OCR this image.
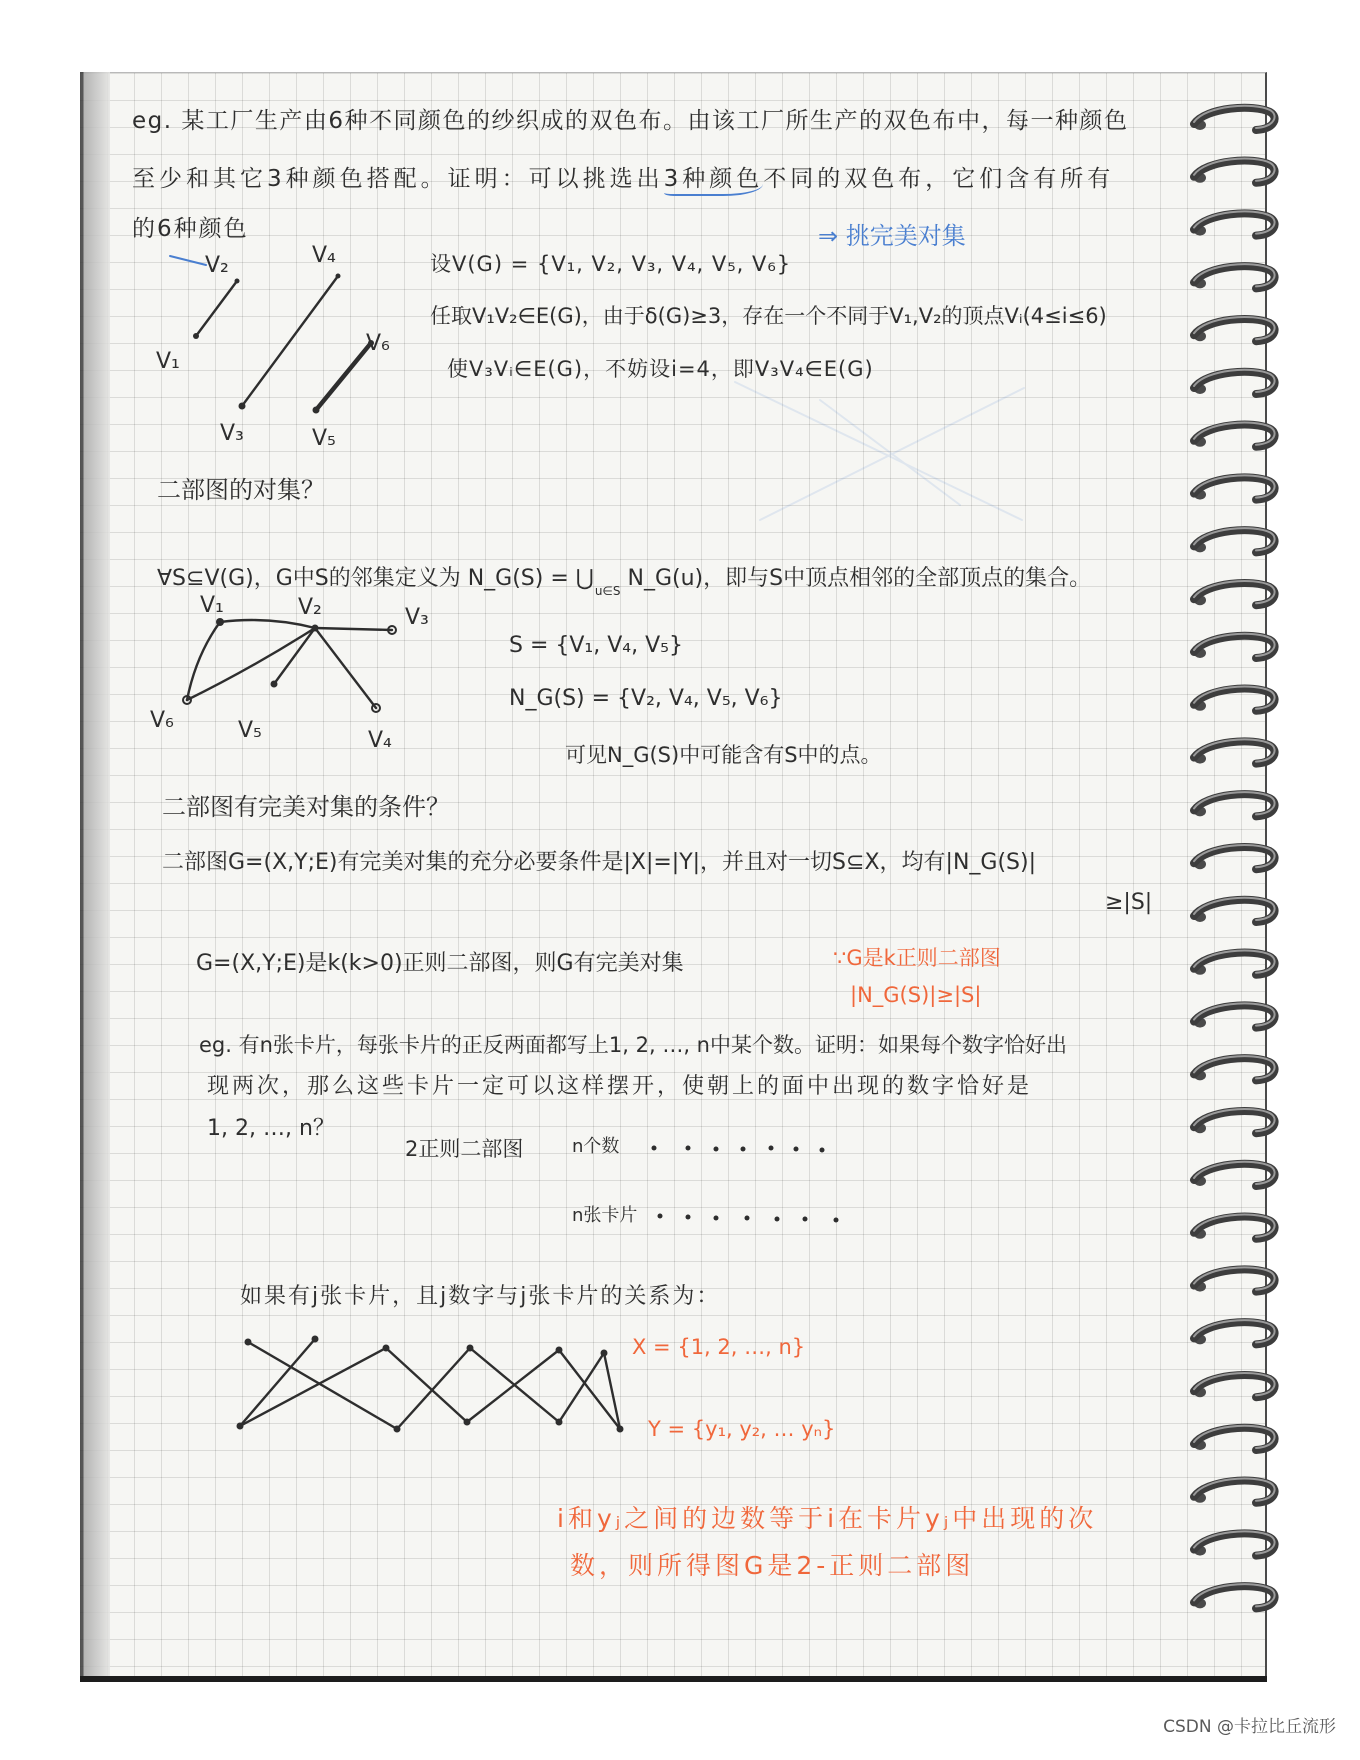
V₂
V₁
V₄
V₃
V₆
V₅
V₁	V₂	V₃
V₆	V₅	V₄
eg. 某工厂生产由6种不同颜色的纱织成的双色布。由该工厂所生产的双色布中，每一种颜色
至少和其它3种颜色搭配。证明：可以挑选出3种颜色不同的双色布，它们含有所有
的6种颜色	⇒ 挑完美对集
设V(G) = {V₁, V₂, V₃, V₄, V₅, V₆}
任取V₁V₂∈E(G)，由于δ(G)≥3，存在一个不同于V₁,V₂的顶点Vᵢ(4≤i≤6)
使V₃Vᵢ∈E(G)，不妨设i=4，即V₃V₄∈E(G)
二部图的对集？
∀S⊆V(G)，G中S的邻集定义为 N_G(S) = $⋃_{u\in S}$ N_G(u)，即与S中顶点相邻的全部顶点的集合。
S = {V₁, V₄, V₅}
N_G(S) = {V₂, V₄, V₅, V₆}
可见N_G(S)中可能含有S中的点。
二部图有完美对集的条件？
二部图G=(X,Y;E)有完美对集的充分必要条件是|X|=|Y|，并且对一切S⊆X，均有|N_G(S)|
≥|S|
G=(X,Y;E)是k(k>0)正则二部图，则G有完美对集	∵G是k正则二部图
|N_G(S)|≥|S|
eg. 有n张卡片，每张卡片的正反两面都写上1, 2, …, n中某个数。证明：如果每个数字恰好出
现两次，那么这些卡片一定可以这样摆开，使朝上的面中出现的数字恰好是
1, 2, …, n？
2正则二部图	n个数
n张卡片
如果有j张卡片，且j数字与j张卡片的关系为：
X = {1, 2, …, n}
Y = {y₁, y₂, … yₙ}
i和yⱼ之间的边数等于i在卡片yⱼ中出现的次
数，则所得图G是2-正则二部图
CSDN @卡拉比丘流形
